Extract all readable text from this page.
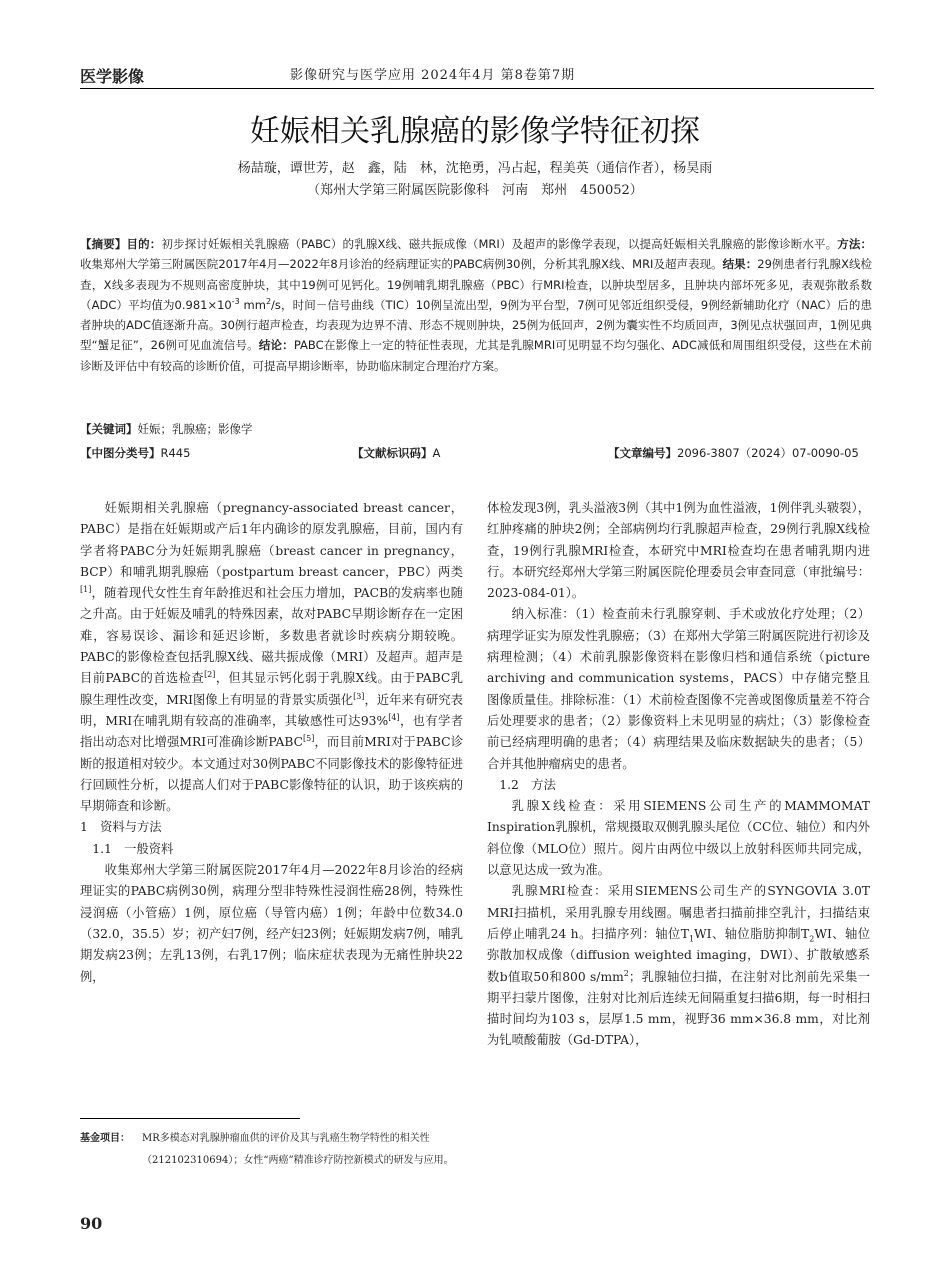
医学影像	影像研究与医学应用 2024年4月 第8卷第7期
妊娠相关乳腺癌的影像学特征初探
杨喆璇，谭世芳，赵　鑫，陆　林，沈艳勇，冯占起，程美英（通信作者），杨昊雨
（郑州大学第三附属医院影像科　河南　郑州　450052）
【摘要】目的：初步探讨妊娠相关乳腺癌（PABC）的乳腺X线、磁共振成像（MRI）及超声的影像学表现，以提高妊娠相关乳腺癌的影像诊断水平。方法：收集郑州大学第三附属医院2017年4月—2022年8月诊治的经病理证实的PABC病例30例，分析其乳腺X线、MRI及超声表现。结果：29例患者行乳腺X线检查，X线多表现为不规则高密度肿块，其中19例可见钙化。19例哺乳期乳腺癌（PBC）行MRI检查，以肿块型居多，且肿块内部坏死多见，表观弥散系数（ADC）平均值为$0.981\times 10^{-3}$ $mm^2/s$，时间－信号曲线（TIC）10例呈流出型，9例为平台型，7例可见邻近组织受侵，9例经新辅助化疗（NAC）后的患者肿块的ADC值逐渐升高。30例行超声检查，均表现为边界不清、形态不规则肿块，25例为低回声，2例为囊实性不均质回声，3例见点状强回声，1例见典型“蟹足征”，26例可见血流信号。结论：PABC在影像上一定的特征性表现，尤其是乳腺MRI可见明显不均匀强化、ADC减低和周围组织受侵，这些在术前诊断及评估中有较高的诊断价值，可提高早期诊断率，协助临床制定合理治疗方案。
【关键词】妊娠；乳腺癌；影像学
【中图分类号】R445	【文献标识码】A	【文章编号】2096-3807（2024）07-0090-05

妊娠期相关乳腺癌（pregnancy-associated breast cancer，PABC）是指在妊娠期或产后1年内确诊的原发乳腺癌，目前，国内有学者将PABC分为妊娠期乳腺癌（breast cancer in pregnancy，BCP）和哺乳期乳腺癌（postpartum breast cancer，PBC）两类[1]，随着现代女性生育年龄推迟和社会压力增加，PACB的发病率也随之升高。由于妊娠及哺乳的特殊因素，故对PABC早期诊断存在一定困难，容易误诊、漏诊和延迟诊断，多数患者就诊时疾病分期较晚。PABC的影像检查包括乳腺X线、磁共振成像（MRI）及超声。超声是目前PABC的首选检查[2]，但其显示钙化弱于乳腺X线。由于PABC乳腺生理性改变，MRI图像上有明显的背景实质强化[3]，近年来有研究表明，MRI在哺乳期有较高的准确率，其敏感性可达93%[4]，也有学者指出动态对比增强MRI可准确诊断PABC[5]，而目前MRI对于PABC诊断的报道相对较少。本文通过对30例PABC不同影像技术的影像特征进行回顾性分析，以提高人们对于PABC影像特征的认识，助于该疾病的早期筛查和诊断。

1　资料与方法
1.1　一般资料

收集郑州大学第三附属医院2017年4月—2022年8月诊治的经病理证实的PABC病例30例，病理分型非特殊性浸润性癌28例，特殊性浸润癌（小管癌）1例，原位癌（导管内癌）1例；年龄中位数34.0（32.0，35.5）岁；初产妇7例，经产妇23例；妊娠期发病7例，哺乳期发病23例；左乳13例，右乳17例；临床症状表现为无痛性肿块22例，

体检发现3例，乳头溢液3例（其中1例为血性溢液，1例伴乳头皲裂），红肿疼痛的肿块2例；全部病例均行乳腺超声检查，29例行乳腺X线检查，19例行乳腺MRI检查，本研究中MRI检查均在患者哺乳期内进行。本研究经郑州大学第三附属医院伦理委员会审查同意（审批编号：2023-084-01）。

纳入标准：（1）检查前未行乳腺穿刺、手术或放化疗处理；（2）病理学证实为原发性乳腺癌；（3）在郑州大学第三附属医院进行初诊及病理检测；（4）术前乳腺影像资料在影像归档和通信系统（picture archiving and communication systems，PACS）中存储完整且图像质量佳。排除标准：（1）术前检查图像不完善或图像质量差不符合后处理要求的患者；（2）影像资料上未见明显的病灶；（3）影像检查前已经病理明确的患者；（4）病理结果及临床数据缺失的患者；（5）合并其他肿瘤病史的患者。

1.2　方法

乳腺X线检查：采用SIEMENS公司生产的MAMMOMAT Inspiration乳腺机，常规摄取双侧乳腺头尾位（CC位、轴位）和内外斜位像（MLO位）照片。阅片由两位中级以上放射科医师共同完成，以意见达成一致为准。

乳腺MRI检查：采用SIEMENS公司生产的SYNGOVIA 3.0T MRI扫描机，采用乳腺专用线圈。嘱患者扫描前排空乳汁，扫描结束后停止哺乳24 h。扫描序列：轴位$T_1WI$、轴位脂肪抑制$T_2WI$、轴位弥散加权成像（diffusion weighted imaging，DWI）、扩散敏感系数b值取50和800 $s/mm^2$；乳腺轴位扫描，在注射对比剂前先采集一期平扫蒙片图像，注射对比剂后连续无间隔重复扫描6期，每一时相扫描时间均为103 s，层厚1.5 mm，视野36 mm×36.8 mm，对比剂为钆喷酸葡胺（Gd-DTPA），

基金项目：	MR多模态对乳腺肿瘤血供的评价及其与乳癌生物学特性的相关性（212102310694）；女性“两癌”精准诊疗防控新模式的研发与应用。
90
